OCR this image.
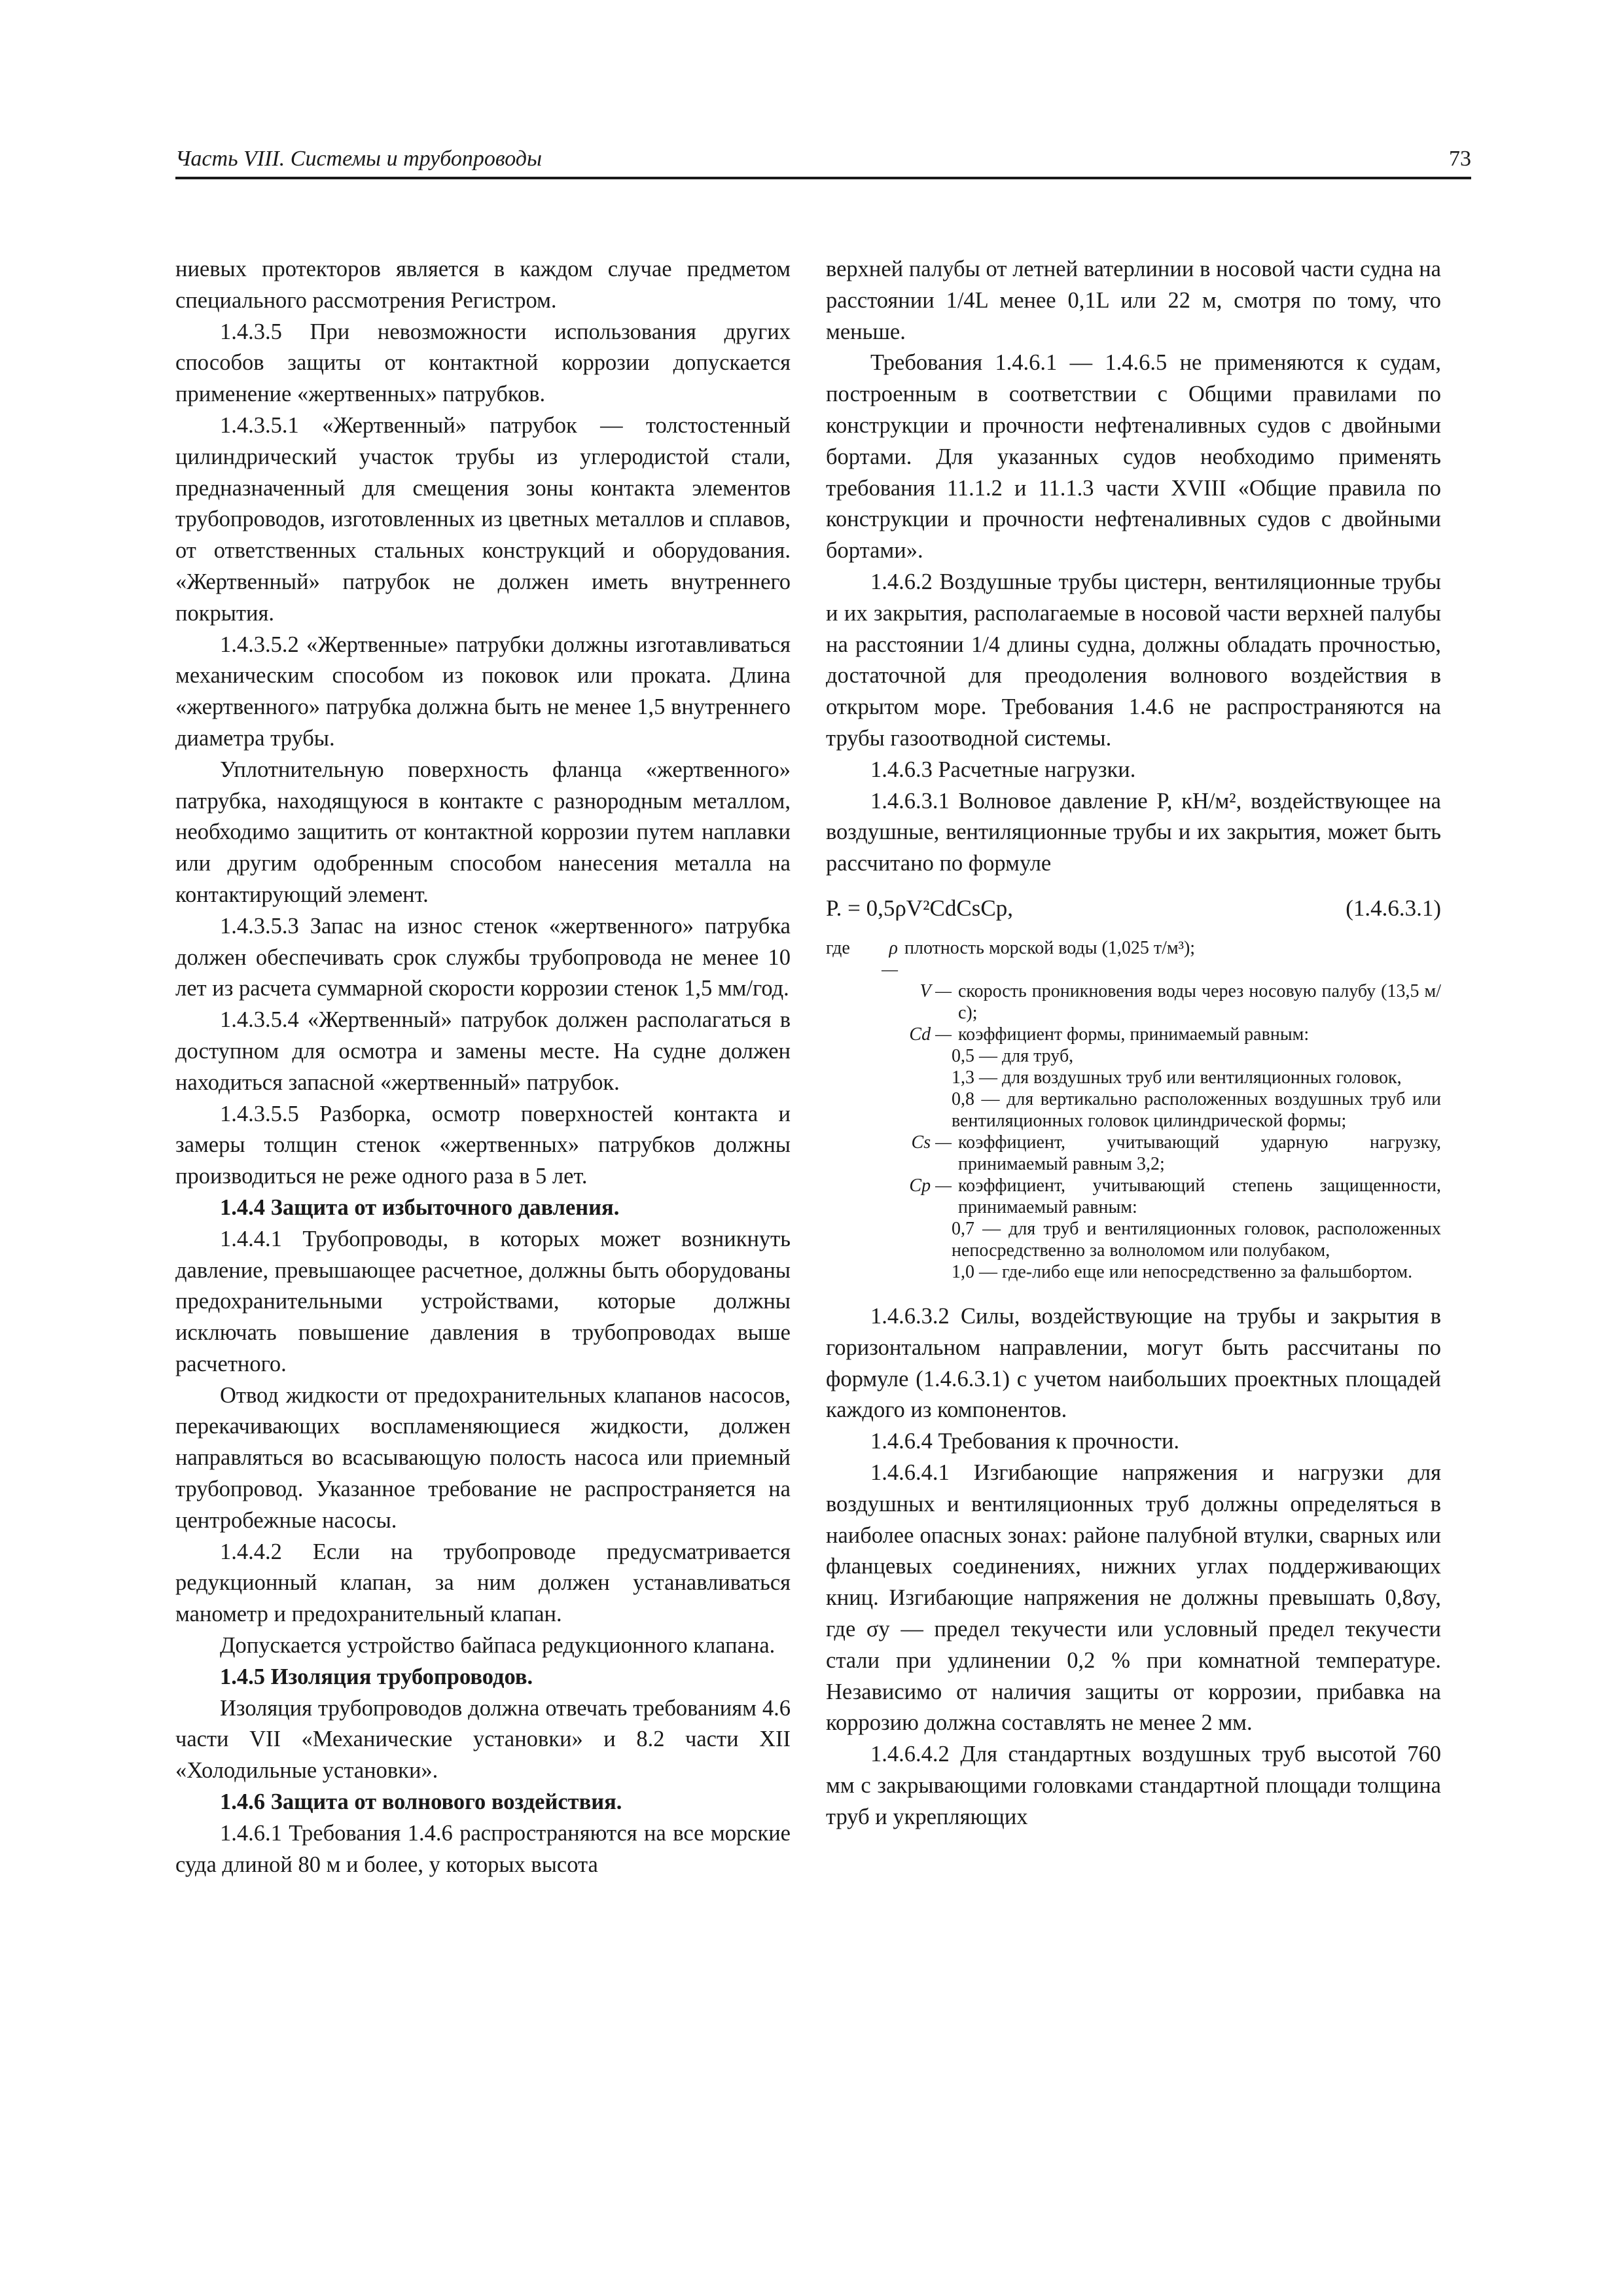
Часть VIII. Системы и трубопроводы	73

ниевых протекторов является в каждом случае предметом специального рассмотрения Регистром.

1.4.3.5 При невозможности использования других способов защиты от контактной коррозии допускается применение «жертвенных» патрубков.

1.4.3.5.1 «Жертвенный» патрубок — толстостенный цилиндрический участок трубы из углеродистой стали, предназначенный для смещения зоны контакта элементов трубопроводов, изготовленных из цветных металлов и сплавов, от ответственных стальных конструкций и оборудования. «Жертвенный» патрубок не должен иметь внутреннего покрытия.

1.4.3.5.2 «Жертвенные» патрубки должны изготавливаться механическим способом из поковок или проката. Длина «жертвенного» патрубка должна быть не менее 1,5 внутреннего диаметра трубы.

Уплотнительную поверхность фланца «жертвенного» патрубка, находящуюся в контакте с разнородным металлом, необходимо защитить от контактной коррозии путем наплавки или другим одобренным способом нанесения металла на контактирующий элемент.

1.4.3.5.3 Запас на износ стенок «жертвенного» патрубка должен обеспечивать срок службы трубопровода не менее 10 лет из расчета суммарной скорости коррозии стенок 1,5 мм/год.

1.4.3.5.4 «Жертвенный» патрубок должен располагаться в доступном для осмотра и замены месте. На судне должен находиться запасной «жертвенный» патрубок.

1.4.3.5.5 Разборка, осмотр поверхностей контакта и замеры толщин стенок «жертвенных» патрубков должны производиться не реже одного раза в 5 лет.

1.4.4 Защита от избыточного давления.

1.4.4.1 Трубопроводы, в которых может возникнуть давление, превышающее расчетное, должны быть оборудованы предохранительными устройствами, которые должны исключать повышение давления в трубопроводах выше расчетного.

Отвод жидкости от предохранительных клапанов насосов, перекачивающих воспламеняющиеся жидкости, должен направляться во всасывающую полость насоса или приемный трубопровод. Указанное требование не распространяется на центробежные насосы.

1.4.4.2 Если на трубопроводе предусматривается редукционный клапан, за ним должен устанавливаться манометр и предохранительный клапан.

Допускается устройство байпаса редукционного клапана.

1.4.5 Изоляция трубопроводов.

Изоляция трубопроводов должна отвечать требованиям 4.6 части VII «Механические установки» и 8.2 части XII «Холодильные установки».

1.4.6 Защита от волнового воздействия.

1.4.6.1 Требования 1.4.6 распространяются на все морские суда длиной 80 м и более, у которых высота

верхней палубы от летней ватерлинии в носовой части судна на расстоянии 1/4L менее 0,1L или 22 м, смотря по тому, что меньше.

Требования 1.4.6.1 — 1.4.6.5 не применяются к судам, построенным в соответствии с Общими правилами по конструкции и прочности нефтеналивных судов с двойными бортами. Для указанных судов необходимо применять требования 11.1.2 и 11.1.3 части XVIII «Общие правила по конструкции и прочности нефтеналивных судов с двойными бортами».

1.4.6.2 Воздушные трубы цистерн, вентиляционные трубы и их закрытия, располагаемые в носовой части верхней палубы на расстоянии 1/4 длины судна, должны обладать прочностью, достаточной для преодоления волнового воздействия в открытом море. Требования 1.4.6 не распространяются на трубы газоотводной системы.

1.4.6.3 Расчетные нагрузки.

1.4.6.3.1 Волновое давление P, кН/м², воздействующее на воздушные, вентиляционные трубы и их закрытия, может быть рассчитано по формуле

P. = 0,5ρV²CdCsCp,	(1.4.6.3.1)
где	ρ —
плотность морской воды (1,025 т/м³);
V — скорость проникновения воды через носовую палубу (13,5 м/с);
Cd — коэффициент формы, принимаемый равным:
0,5 — для труб,
1,3 — для воздушных труб или вентиляционных головок,
0,8 — для вертикально расположенных воздушных труб или вентиляционных головок цилиндрической формы;
Cs — коэффициент, учитывающий ударную нагрузку, принимаемый равным 3,2;
Cp — коэффициент, учитывающий степень защищенности, принимаемый равным:
0,7 — для труб и вентиляционных головок, расположенных непосредственно за волноломом или полубаком,
1,0 — где-либо еще или непосредственно за фальшбортом.

1.4.6.3.2 Силы, воздействующие на трубы и закрытия в горизонтальном направлении, могут быть рассчитаны по формуле (1.4.6.3.1) с учетом наибольших проектных площадей каждого из компонентов.

1.4.6.4 Требования к прочности.

1.4.6.4.1 Изгибающие напряжения и нагрузки для воздушных и вентиляционных труб должны определяться в наиболее опасных зонах: районе палубной втулки, сварных или фланцевых соединениях, нижних углах поддерживающих книц. Изгибающие напряжения не должны превышать 0,8σy, где σy — предел текучести или условный предел текучести стали при удлинении 0,2 % при комнатной температуре. Независимо от наличия защиты от коррозии, прибавка на коррозию должна составлять не менее 2 мм.

1.4.6.4.2 Для стандартных воздушных труб высотой 760 мм с закрывающими головками стандартной площади толщина труб и укрепляющих
